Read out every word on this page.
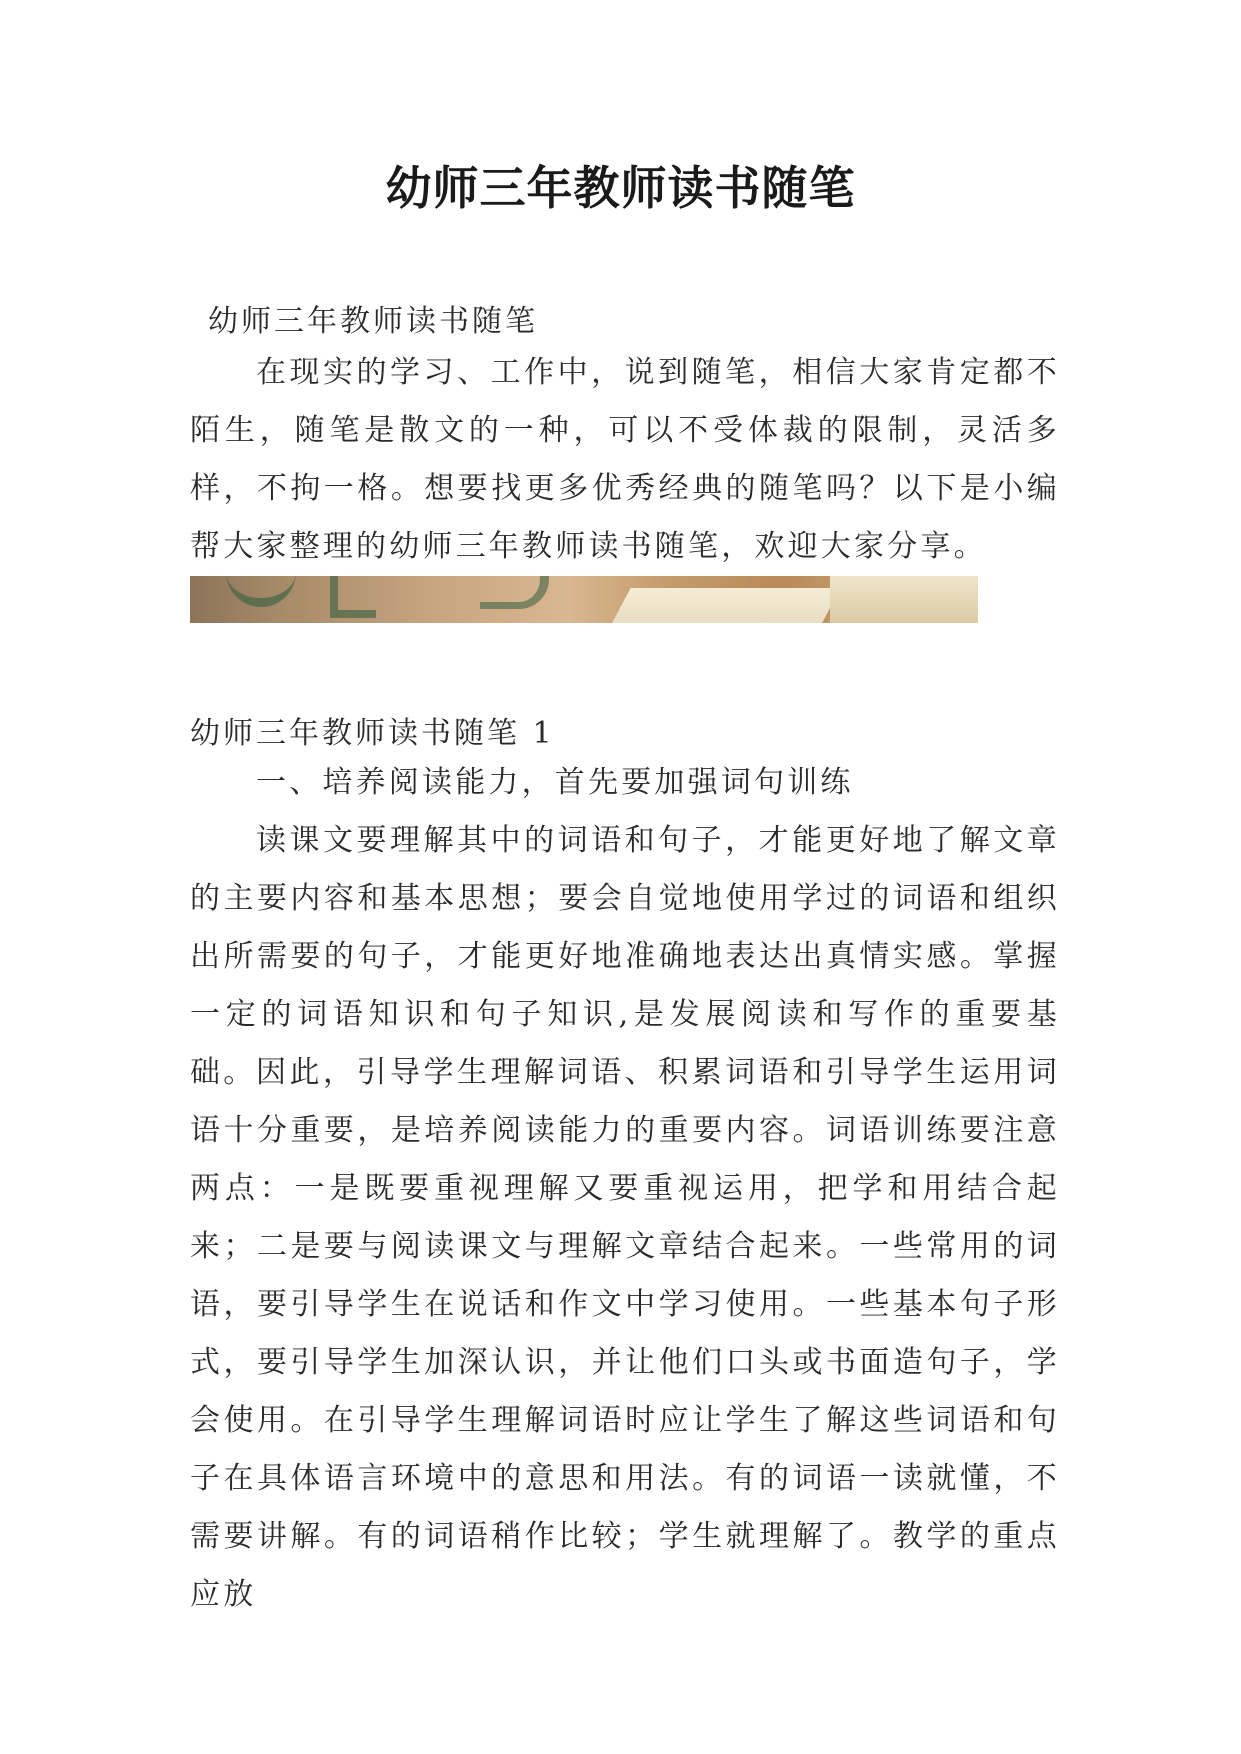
幼师三年教师读书随笔

幼师三年教师读书随笔

在现实的学习、工作中，说到随笔，相信大家肯定都不陌生，随笔是散文的一种，可以不受体裁的限制，灵活多样，不拘一格。想要找更多优秀经典的随笔吗？以下是小编帮大家整理的幼师三年教师读书随笔，欢迎大家分享。

幼师三年教师读书随笔 1

一、培养阅读能力，首先要加强词句训练

读课文要理解其中的词语和句子，才能更好地了解文章的主要内容和基本思想；要会自觉地使用学过的词语和组织出所需要的句子，才能更好地准确地表达出真情实感。掌握一定的词语知识和句子知识,是发展阅读和写作的重要基础。 因此，引导学生理解词语、积累词语和引导学生运用词语十分重要，是培养阅读能力的重要内容。词语训练要注意两点：一是既要重视理解又要重视运用，把学和用结合起来；二是要与阅读课文与理解文章结合起来。一些常用的词语，要引导学生在说话和作文中学习使用。一些基本句子形式，要引导学生加深认识，并让他们口头或书面造句子，学会使用。在引导学生理解词语时应让学生了解这些词语和句子在具体语言环境中的意思和用法。有的词语一读就懂，不需要讲解。有的词语稍作比较；学生就理解了。教学的重点应放
